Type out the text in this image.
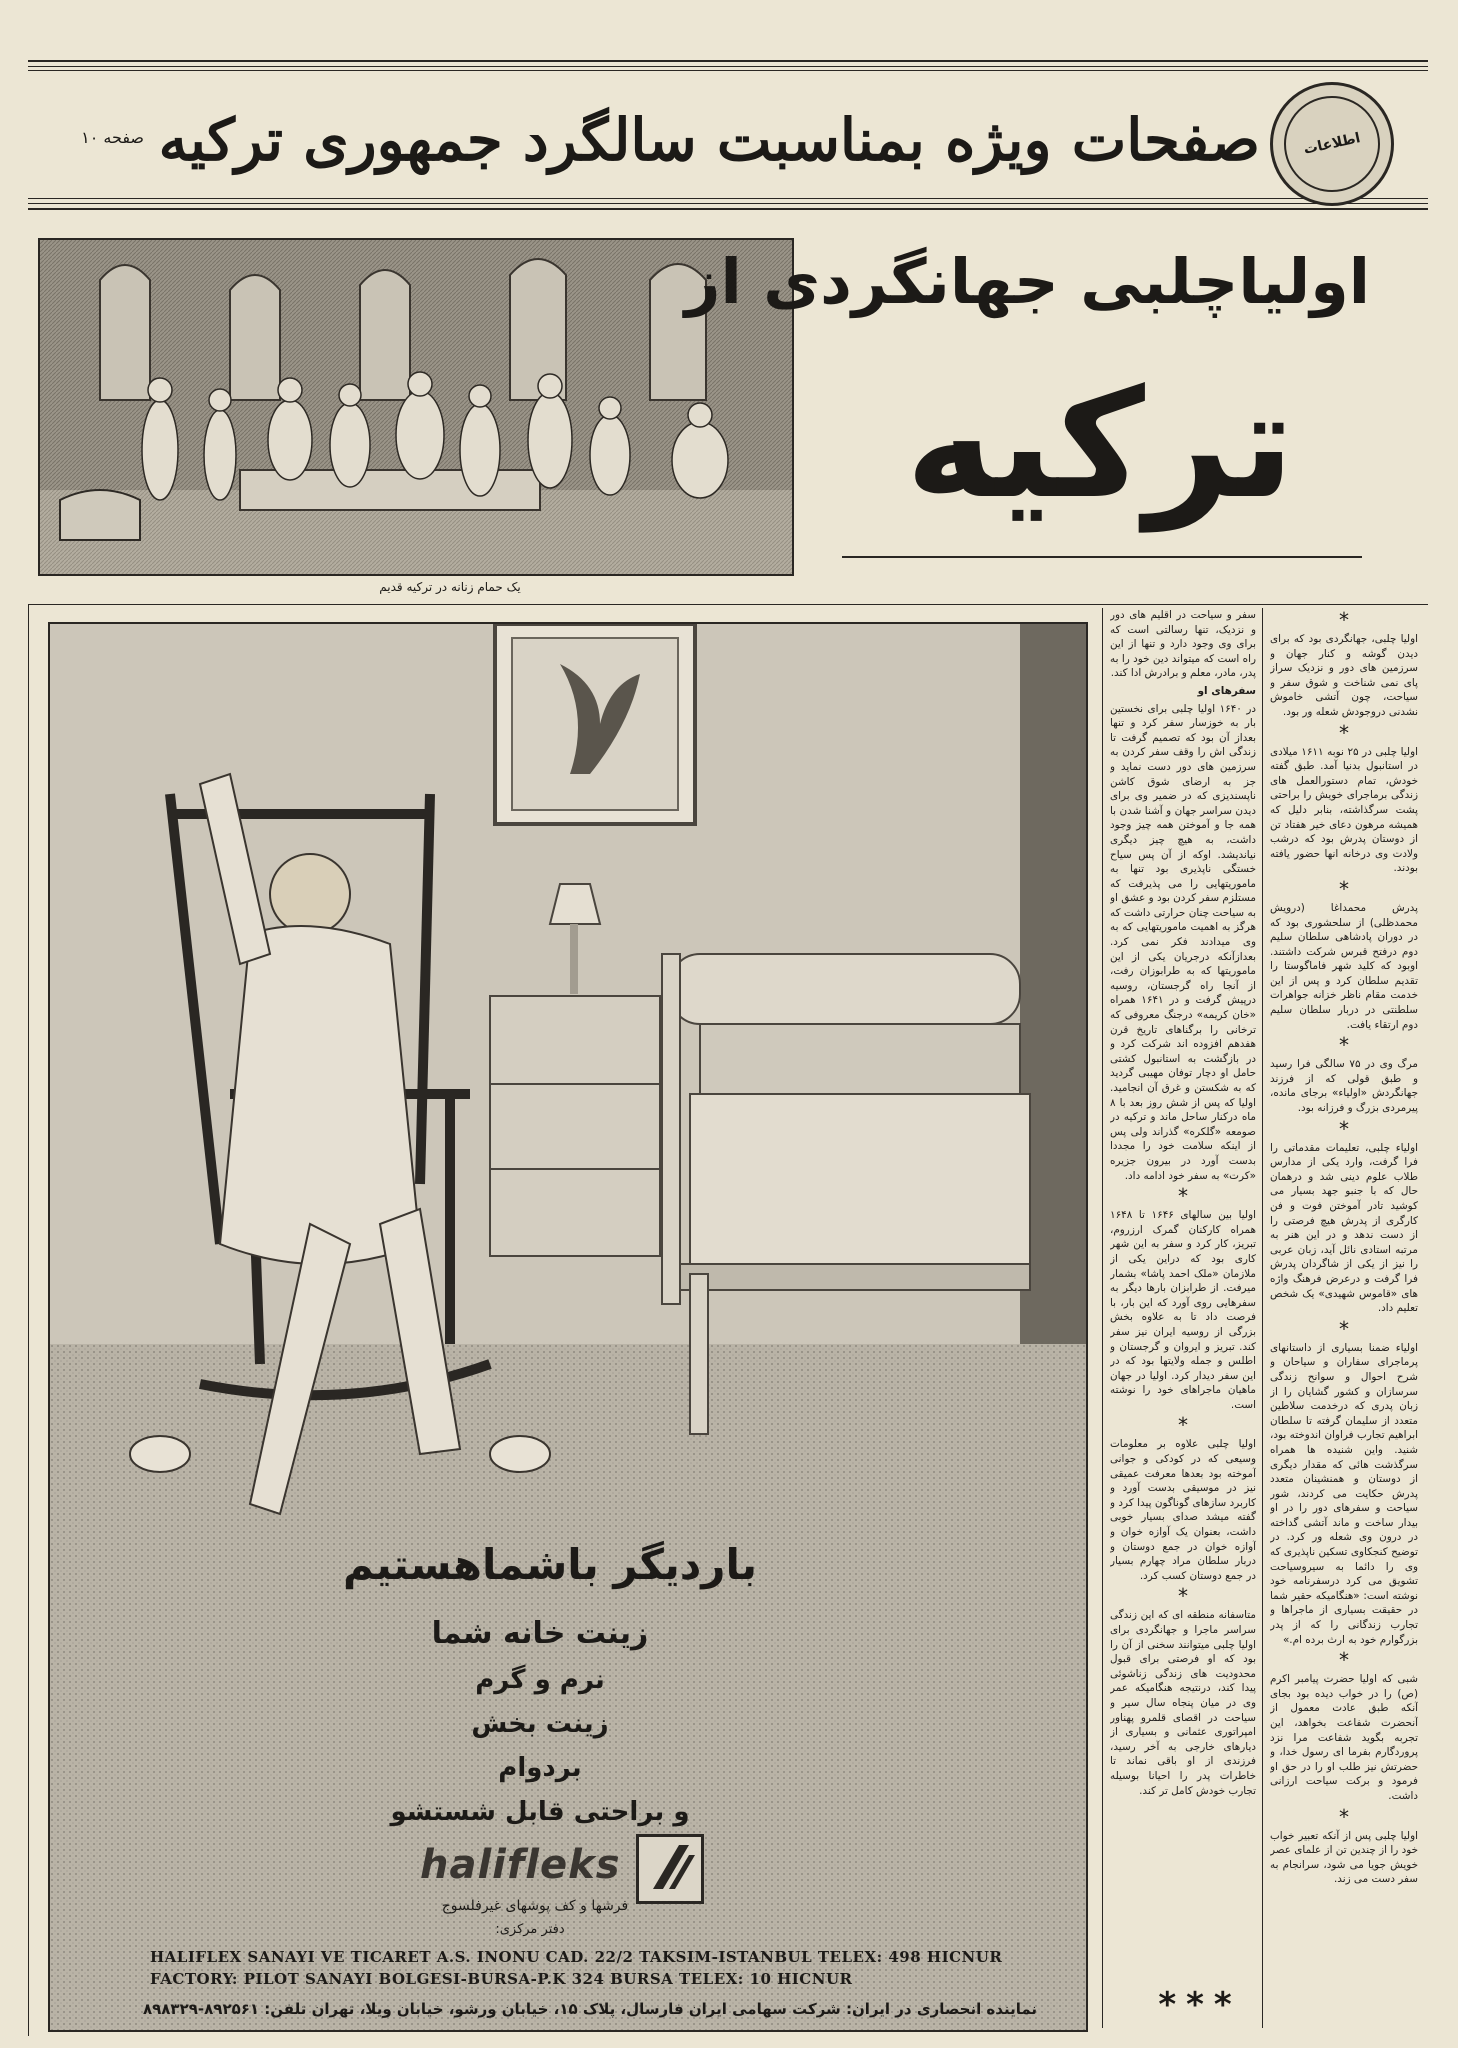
اطلاعات
صفحات ویژه بمناسبت سالگرد جمهوری ترکیه
صفحه ۱۰
یک حمام زنانه در ترکیه قدیم
اولیاچلبی جهانگردی از
ترکیه
باردیگر باشماهستیم
زینت خانه شما
نرم و گرم
زینت بخش
بردوام
و براحتی قابل شستشو
halifleks
فرشها و کف پوشهای غیرفلسوج
دفتر مرکزی:
HALIFLEX SANAYI VE TICARET A.S. INONU CAD. 22/2 TAKSIM-ISTANBUL TELEX: 498 HICNUR
FACTORY: PILOT SANAYI BOLGESI-BURSA-P.K 324 BURSA TELEX: 10 HICNUR
نماینده انحصاری در ایران: شرکت سهامی ایران فارسال، پلاک ۱۵، خیابان ورشو، خیابان ویلا، تهران تلفن: ۸۹۲۵۶۱-۸۹۸۳۲۹
*

اولیا چلبی، جهانگردی بود که برای دیدن گوشه و کنار جهان و سرزمین های دور و نزدیک سراز پای نمی شناخت و شوق سفر و سیاحت، چون آتشی خاموش نشدنی دروجودش شعله ور بود.

*

اولیا چلبی در ۲۵ نوبه ۱۶۱۱ میلادی در استانبول بدنیا آمد. طبق گفته خودش، تمام دستورالعمل های زندگی برماجرای خویش را براحتی پشت سرگذاشته، بنابر دلیل که همیشه مرهون دعای خیر هفتاد تن از دوستان پدرش بود که درشب ولادت وی درخانه انها حضور یافته بودند.

*

پدرش محمداغا (درویش محمدظلی) از سلحشوری بود که در دوران پادشاهی سلطان سلیم دوم درفتح قبرس شرکت داشتند. اوبود که کلید شهر فاماگوستا را تقدیم سلطان کرد و پس از این خدمت مقام ناظر خزانه جواهرات سلطنتی در دربار سلطان سلیم دوم ارتقاء یافت.

*

مرگ وی در ۷۵ سالگی فرا رسید و طبق قولی که از فرزند جهانگردش «اولیاء» برجای مانده، پیرمردی بزرگ و فرزانه بود.

*

اولیاء چلبی، تعلیمات مقدماتی را فرا گرفت، وارد یکی از مدارس طلاب علوم دینی شد و درهمان حال که با جنبو جهد بسیار می کوشید تادر آموختن فوت و فن کارگری از پدرش هیچ فرصتی را از دست ندهد و در این هنر به مرتبه استادی نائل آید، زبان عربی را نیز از یکی از شاگردان پدرش فرا گرفت و درعرض فرهنگ واژه های «قاموس شهیدی» یک شخص تعلیم داد.

*

اولیاء ضمنا بسیاری از داستانهای پرماجرای سفاران و سیاحان و شرح احوال و سوانح زندگی سرسازان و کشور گشایان را از زبان پدری که درخدمت سلاطین متعدد از سلیمان گرفته تا سلطان ابراهیم تجارب فراوان اندوخته بود، شنید. واین شنیده ها همراه سرگذشت هائی که مقدار دیگری از دوستان و همنشینان متعدد پدرش حکایت می کردند، شور سیاحت و سفرهای دور را در او بیدار ساخت و ماند آتشی گداخته در درون وی شعله ور کرد. در توضیح کنجکاوی تسکین ناپذیری که وی را دائما به سیروسیاحت تشویق می کرد درسفرنامه خود نوشته است: «هنگامیکه حقیر شما در حقیقت بسیاری از ماجراها و تجارب زندگانی را که از پدر بزرگوارم خود به ارث برده ام.»

*

شبی که اولیا حضرت پیامبر اکرم (ص) را در خواب دیده بود بجای آنکه طبق عادت معمول از آنحضرت شفاعت بخواهد، این تجربه بگوید شفاعت مرا نزد پروردگارم بفرما ای رسول خدا، و حضرتش نیز طلب او را در حق او فرمود و برکت سیاحت ارزانی داشت.

*

اولیا چلبی پس از آنکه تعبیر خواب خود را از چندین تن از علمای عصر خویش جویا می شود، سرانجام به سفر دست می زند.

سفر و سیاحت در اقلیم های دور و نزدیک، تنها رسالتی است که برای وی وجود دارد و تنها از این راه است که میتواند دین خود را به پدر، مادر، معلم و برادرش ادا کند.

سفرهای او

در ۱۶۴۰ اولیا چلبی برای نخستین بار به خوزسار سفر کرد و تنها بعداز آن بود که تصمیم گرفت تا زندگی اش را وقف سفر کردن به سرزمین های دور دست نماید و جز به ارضای شوق کاشن ناپسندیزی که در ضمیر وی برای دیدن سراسر جهان و آشنا شدن با همه جا و آموختن همه چیز وجود داشت، به هیچ چیز دیگری نیاندیشد. اوکه از آن پس سیاح خستگی ناپذیری بود تنها به ماموریتهایی را می پذیرفت که مستلزم سفر کردن بود و عشق او به سیاحت چنان حرارتی داشت که هرگز به اهمیت ماموریتهایی که به وی میدادند فکر نمی کرد. بعدازآنکه درجریان یکی از این ماموریتها که به طرابوزان رفت، از آنجا راه گرجستان، روسیه درپیش گرفت و در ۱۶۴۱ همراه «خان کریمه» درجنگ معروفی که ترخانی را برگناهای تاریخ قرن هفدهم افزوده اند شرکت کرد و در بازگشت به استانبول کشتی حامل او دچار توفان مهیبی گردید که به شکستن و غرق آن انجامید. اولیا که پس از شش روز بعد با ۸ ماه درکنار ساحل ماند و ترکیه در صومعه «گلکره» گذراند ولی پس از اینکه سلامت خود را مجددا بدست آورد در بیرون جزیره «کرت» به سفر خود ادامه داد.

*

اولیا بین سالهای ۱۶۴۶ تا ۱۶۴۸ همراه کارکنان گمرک ارزروم، تبریز، کار کرد و سفر به این شهر کاری بود که دراین یکی از ملازمان «ملک احمد پاشا» بشمار میرفت. از طرابزان بارها دیگر به سفرهایی روی آورد که این بار، با فرصت داد تا به علاوه بخش بزرگی از روسیه ایران نیز سفر کند. تبریز و ایروان و گرجستان و اطلس و جمله ولایتها بود که در این سفر دیدار کرد. اولیا در جهان ماهیان ماجراهای خود را نوشته است.

*

اولیا چلبی علاوه بر معلومات وسیعی که در کودکی و جوانی آموخته بود بعدها معرفت عمیقی نیز در موسیقی بدست آورد و کاربرد سازهای گوناگون پیدا کرد و گفته میشد صدای بسیار خوبی داشت، بعنوان یک آوازه خوان و آوازه خوان در جمع دوستان و دربار سلطان مراد چهارم بسیار در جمع دوستان کسب کرد.

*

متاسفانه منطقه ای که این زندگی سراسر ماجرا و جهانگردی برای اولیا چلبی میتوانند سخنی از آن را بود که او فرصتی برای قبول محدودیت های زندگی زناشوئی پیدا کند، درنتیجه هنگامیکه عمر وی در میان پنجاه سال سیر و سیاحت در اقصای قلمرو پهناور امپراتوری عثمانی و بسیاری از دیارهای خارجی به آخر رسید، فرزندی از او باقی نماند تا خاطرات پدر را احیانا بوسیله تجارب خودش کامل تر کند.

***
